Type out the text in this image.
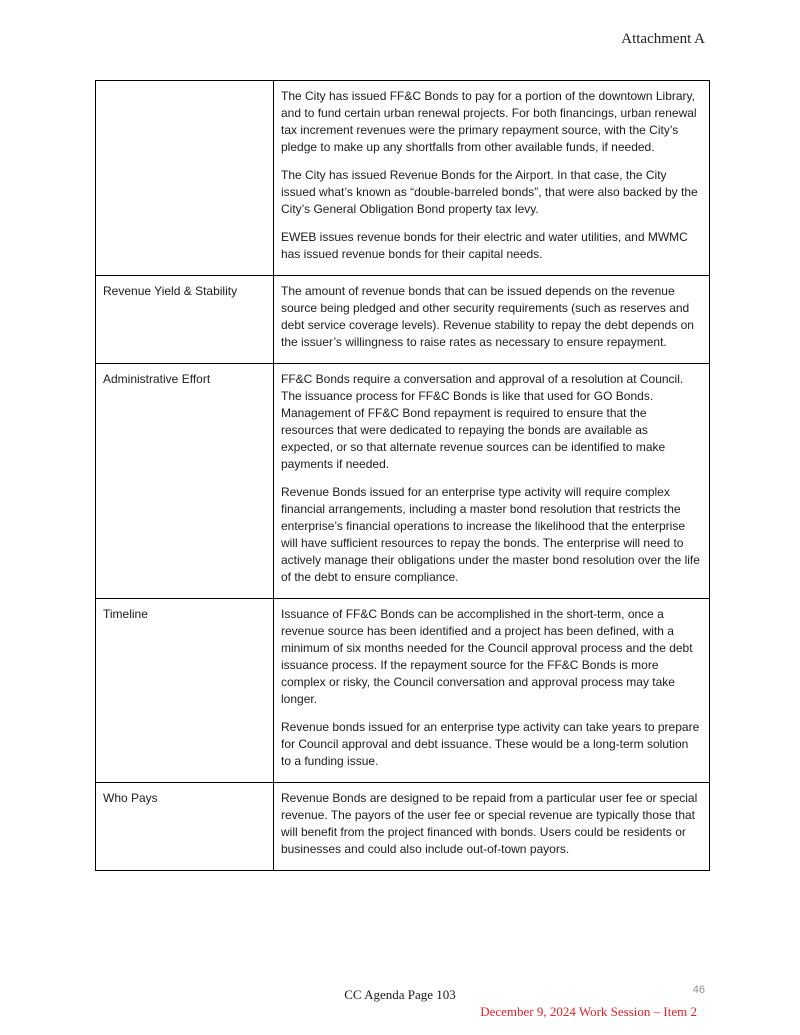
Attachment A

	The City has issued FF&C Bonds to pay for a portion of the downtown Library, and to fund certain urban renewal projects. For both financings, urban renewal tax increment revenues were the primary repayment source, with the City’s pledge to make up any shortfalls from other available funds, if needed.

The City has issued Revenue Bonds for the Airport. In that case, the City issued what’s known as “double-barreled bonds”, that were also backed by the City’s General Obligation Bond property tax levy.

EWEB issues revenue bonds for their electric and water utilities, and MWMC has issued revenue bonds for their capital needs.

Revenue Yield & Stability	The amount of revenue bonds that can be issued depends on the revenue source being pledged and other security requirements (such as reserves and debt service coverage levels). Revenue stability to repay the debt depends on the issuer’s willingness to raise rates as necessary to ensure repayment.

Administrative Effort	FF&C Bonds require a conversation and approval of a resolution at Council. The issuance process for FF&C Bonds is like that used for GO Bonds. Management of FF&C Bond repayment is required to ensure that the resources that were dedicated to repaying the bonds are available as expected, or so that alternate revenue sources can be identified to make payments if needed.

Revenue Bonds issued for an enterprise type activity will require complex financial arrangements, including a master bond resolution that restricts the enterprise’s financial operations to increase the likelihood that the enterprise will have sufficient resources to repay the bonds. The enterprise will need to actively manage their obligations under the master bond resolution over the life of the debt to ensure compliance.

Timeline	Issuance of FF&C Bonds can be accomplished in the short-term, once a revenue source has been identified and a project has been defined, with a minimum of six months needed for the Council approval process and the debt issuance process. If the repayment source for the FF&C Bonds is more complex or risky, the Council conversation and approval process may take longer.

Revenue bonds issued for an enterprise type activity can take years to prepare for Council approval and debt issuance. These would be a long-term solution to a funding issue.

Who Pays	Revenue Bonds are designed to be repaid from a particular user fee or special revenue. The payors of the user fee or special revenue are typically those that will benefit from the project financed with bonds. Users could be residents or businesses and could also include out-of-town payors.

CC Agenda Page 103	46
December 9, 2024 Work Session – Item 2
